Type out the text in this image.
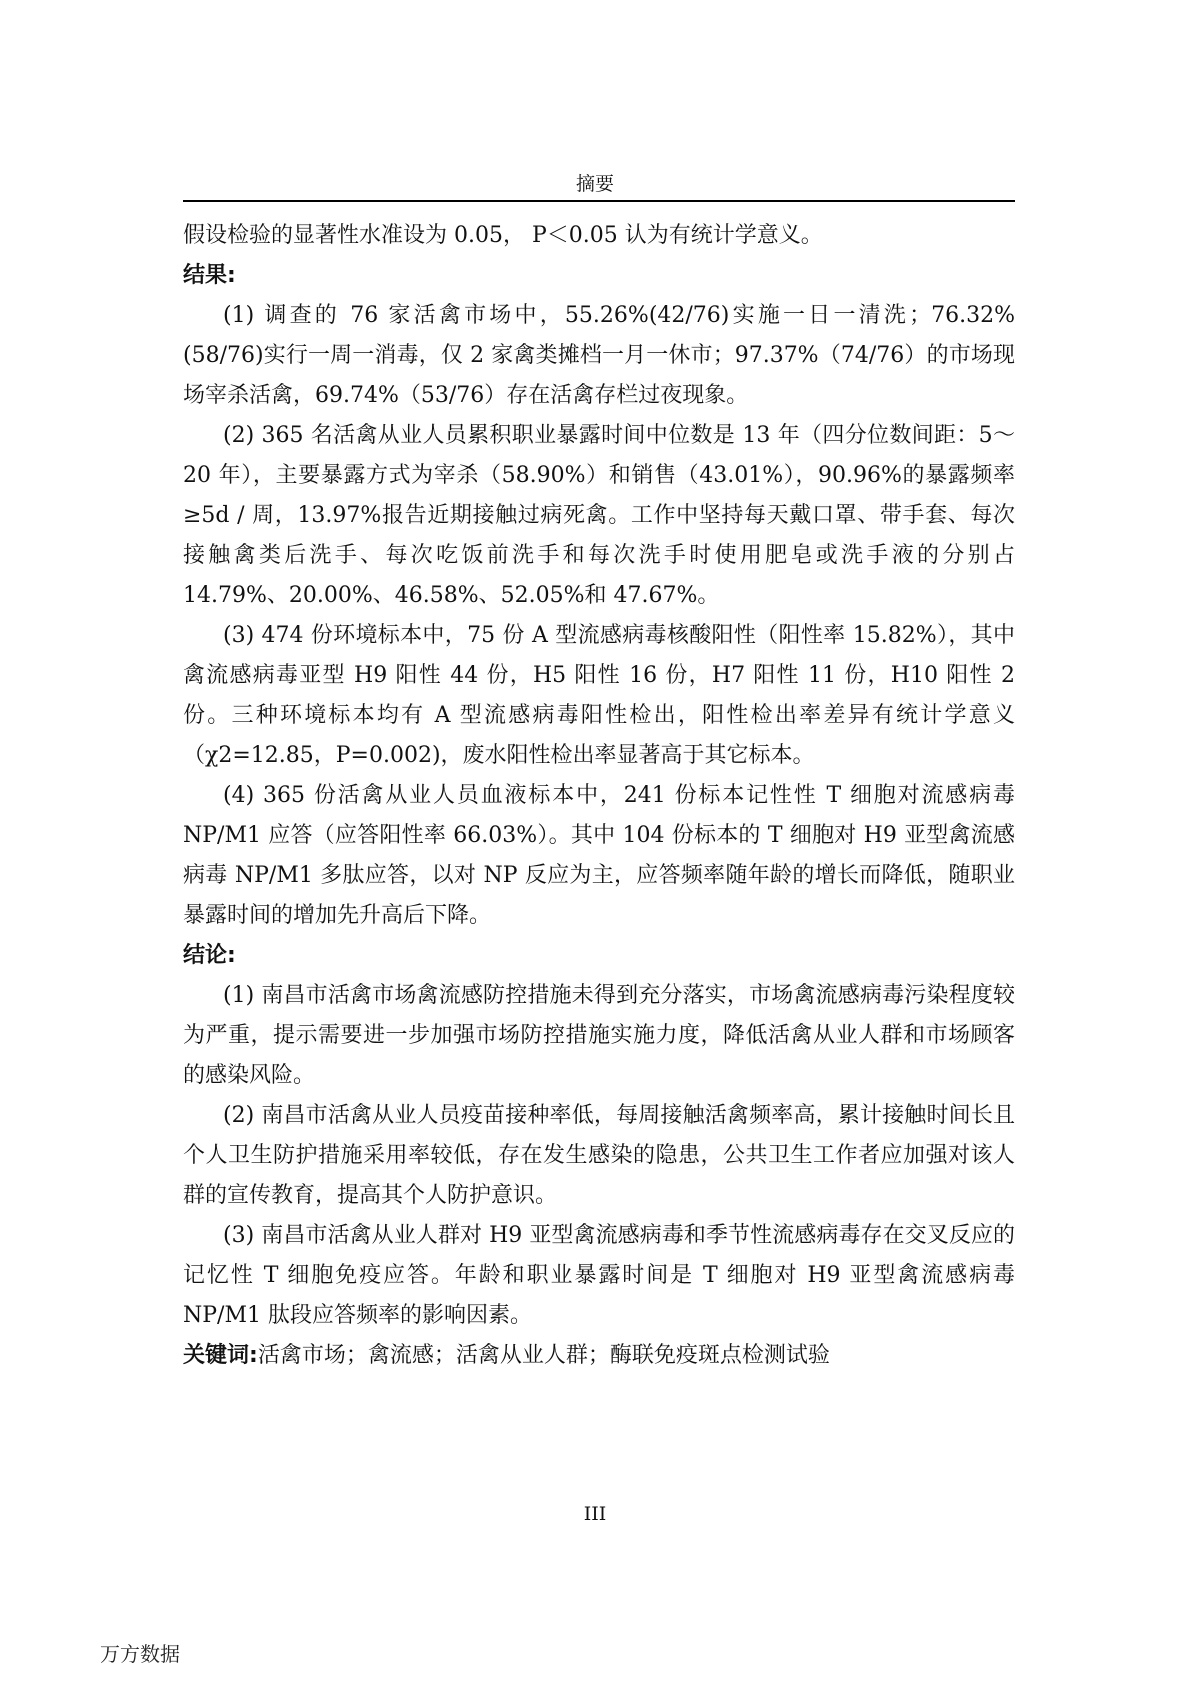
摘要

假设检验的显著性水准设为 0.05， P＜0.05 认为有统计学意义。

结果:

(1) 调查的 76 家活禽市场中，55.26%(42/76)实施一日一清洗；76.32%(58/76)实行一周一消毒，仅 2 家禽类摊档一月一休市；97.37%（74/76）的市场现场宰杀活禽，69.74%（53/76）存在活禽存栏过夜现象。

(2) 365 名活禽从业人员累积职业暴露时间中位数是 13 年（四分位数间距：5～20 年），主要暴露方式为宰杀（58.90%）和销售（43.01%），90.96%的暴露频率≥5d / 周，13.97%报告近期接触过病死禽。工作中坚持每天戴口罩、带手套、每次接触禽类后洗手、每次吃饭前洗手和每次洗手时使用肥皂或洗手液的分别占 14.79%、20.00%、46.58%、52.05%和 47.67%。

(3) 474 份环境标本中，75 份 A 型流感病毒核酸阳性（阳性率 15.82%），其中禽流感病毒亚型 H9 阳性 44 份，H5 阳性 16 份，H7 阳性 11 份，H10 阳性 2 份。三种环境标本均有 A 型流感病毒阳性检出，阳性检出率差异有统计学意义（χ2=12.85，P=0.002)，废水阳性检出率显著高于其它标本。

(4) 365 份活禽从业人员血液标本中，241 份标本记性性 T 细胞对流感病毒 NP/M1 应答（应答阳性率 66.03%）。其中 104 份标本的 T 细胞对 H9 亚型禽流感病毒 NP/M1 多肽应答，以对 NP 反应为主，应答频率随年龄的增长而降低，随职业暴露时间的增加先升高后下降。

结论:

(1) 南昌市活禽市场禽流感防控措施未得到充分落实，市场禽流感病毒污染程度较为严重，提示需要进一步加强市场防控措施实施力度，降低活禽从业人群和市场顾客的感染风险。

(2) 南昌市活禽从业人员疫苗接种率低，每周接触活禽频率高，累计接触时间长且个人卫生防护措施采用率较低，存在发生感染的隐患，公共卫生工作者应加强对该人群的宣传教育，提高其个人防护意识。

(3) 南昌市活禽从业人群对 H9 亚型禽流感病毒和季节性流感病毒存在交叉反应的记忆性 T 细胞免疫应答。年龄和职业暴露时间是 T 细胞对 H9 亚型禽流感病毒 NP/M1 肽段应答频率的影响因素。

关键词:活禽市场；禽流感；活禽从业人群；酶联免疫斑点检测试验

III
万方数据
